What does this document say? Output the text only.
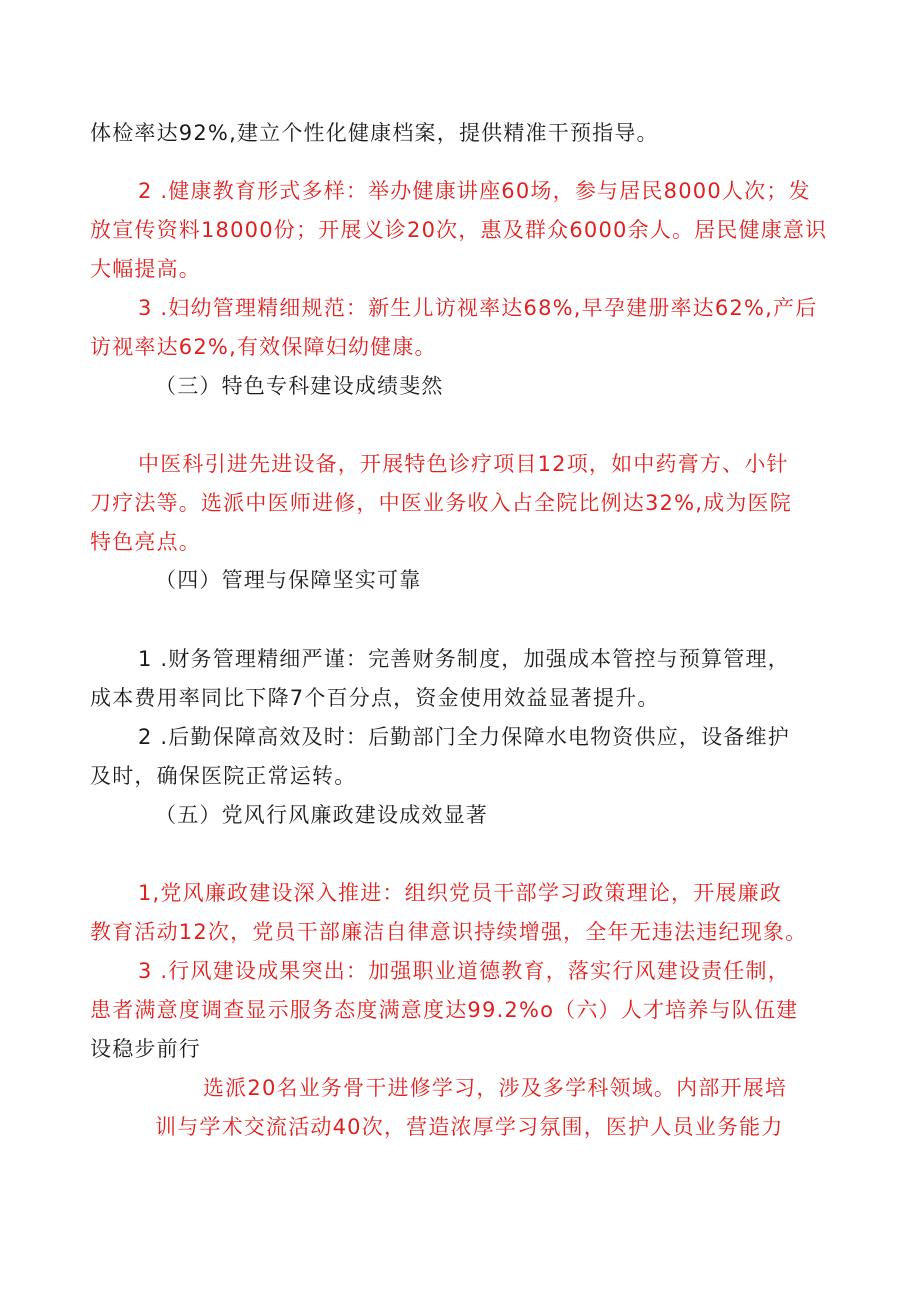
体检率达92%,建立个性化健康档案，提供精准干预指导。
2 .健康教育形式多样：举办健康讲座60场，参与居民8000人次；发
放宣传资料18000份；开展义诊20次，惠及群众6000余人。居民健康意识
大幅提高。
3 .妇幼管理精细规范：新生儿访视率达68%,早孕建册率达62%,产后
访视率达62%,有效保障妇幼健康。
（三）特色专科建设成绩斐然
中医科引进先进设备，开展特色诊疗项目12项，如中药膏方、小针
刀疗法等。选派中医师进修，中医业务收入占全院比例达32%,成为医院
特色亮点。
（四）管理与保障坚实可靠
1 .财务管理精细严谨：完善财务制度，加强成本管控与预算管理，
成本费用率同比下降7个百分点，资金使用效益显著提升。
2 .后勤保障高效及时：后勤部门全力保障水电物资供应，设备维护
及时，确保医院正常运转。
（五）党风行风廉政建设成效显著
1,党风廉政建设深入推进：组织党员干部学习政策理论，开展廉政
教育活动12次，党员干部廉洁自律意识持续增强，全年无违法违纪现象。
3 .行风建设成果突出：加强职业道德教育，落实行风建设责任制，
患者满意度调查显示服务态度满意度达99.2%o（六）人才培养与队伍建
设稳步前行
选派20名业务骨干进修学习，涉及多学科领域。内部开展培
训与学术交流活动40次，营造浓厚学习氛围，医护人员业务能力
